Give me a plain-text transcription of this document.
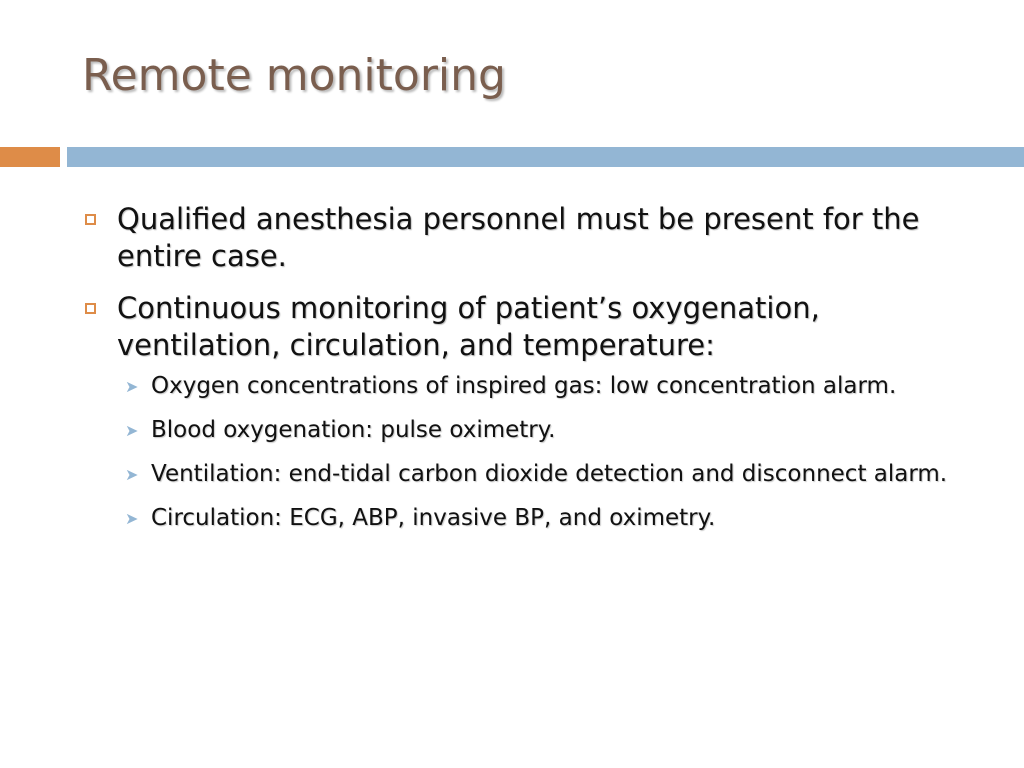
Remote monitoring
Qualified anesthesia personnel must be present for the entire case.
Continuous monitoring of patient’s oxygenation, ventilation, circulation, and temperature:
➤ Oxygen concentrations of inspired gas: low concentration alarm.
➤ Blood oxygenation: pulse oximetry.
➤ Ventilation: end-tidal carbon dioxide detection and disconnect alarm.
➤ Circulation: ECG, ABP, invasive BP, and oximetry.
